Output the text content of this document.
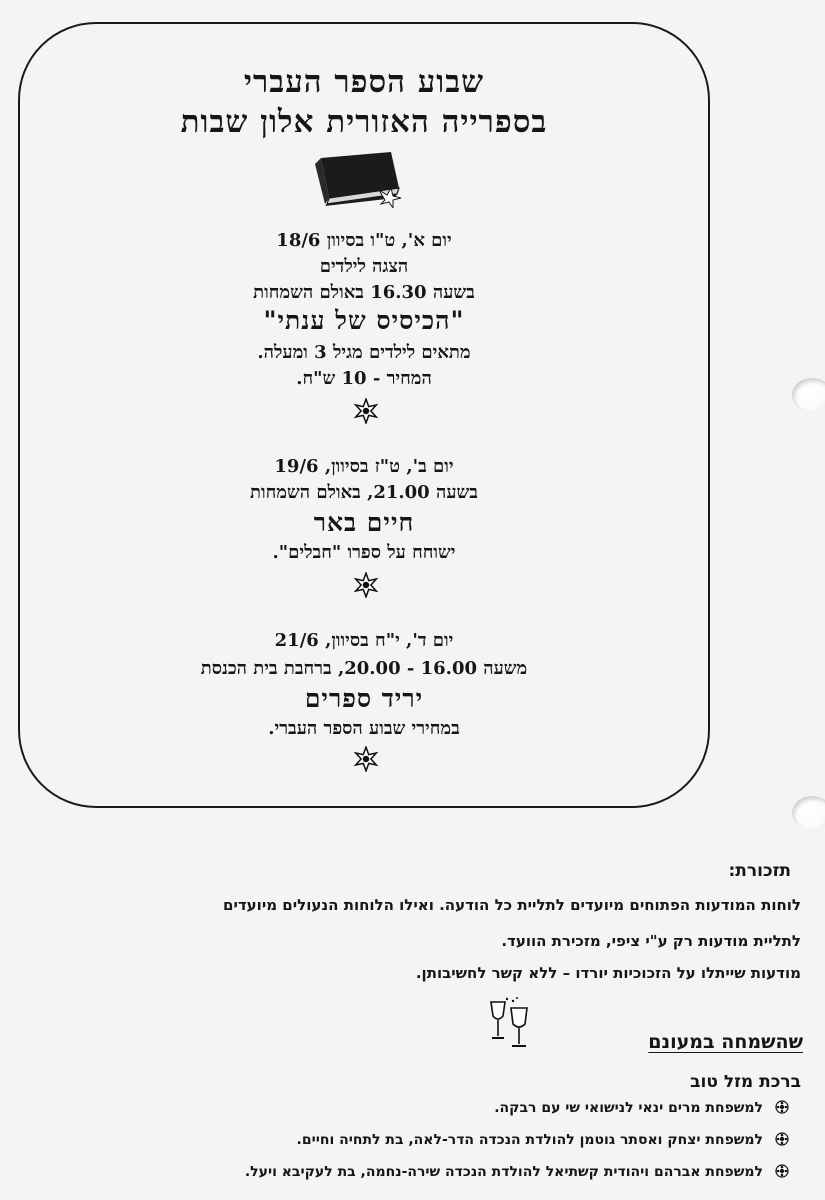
שבוע הספר העברי
בספרייה האזורית אלון שבות
יום א', ט"ו בסיוון 18/6
הצגה לילדים
בשעה 16.30 באולם השמחות
"הכיסיס של ענתי"
מתאים לילדים מגיל 3 ומעלה.
המחיר - 10 ש"ח.
יום ב', ט"ז בסיוון, 19/6
בשעה 21.00, באולם השמחות
חיים באר
ישוחח על ספרו "חבלים".
יום ד', י"ח בסיוון, 21/6
משעה 16.00 - 20.00, ברחבת בית הכנסת
יריד ספרים
במחירי שבוע הספר העברי.
תזכורת:
לוחות המודעות הפתוחים מיועדים לתליית כל הודעה. ואילו הלוחות הנעולים מיועדים
לתליית מודעות רק ע"י ציפי, מזכירת הוועד.
מודעות שייתלו על הזכוכיות יורדו – ללא קשר לחשיבותן.
שהשמחה במעונם
ברכת מזל טוב
למשפחת מרים ינאי לנישואי שי עם רבקה.
למשפחת יצחק ואסתר גוטמן להולדת הנכדה הדר-לאה, בת לתחיה וחיים.
למשפחת אברהם ויהודית קשתיאל להולדת הנכדה שירה-נחמה, בת לעקיבא ויעל.
